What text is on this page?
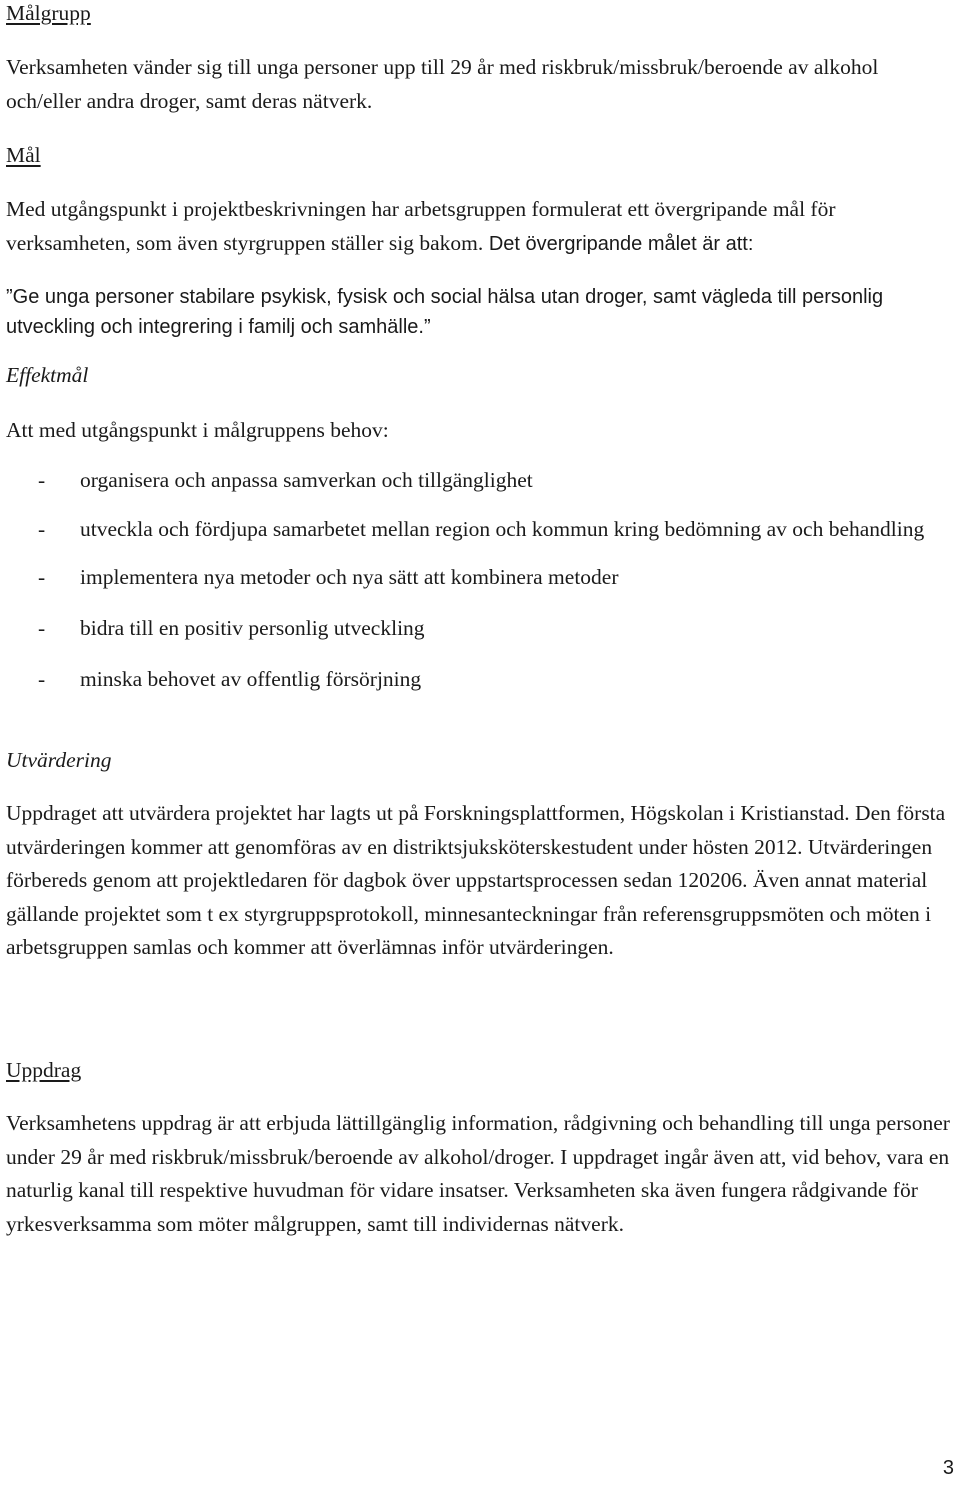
Målgrupp

Verksamheten vänder sig till unga personer upp till 29 år med riskbruk/missbruk/beroende av alkohol och/eller andra droger, samt deras nätverk.

Mål

Med utgångspunkt i projektbeskrivningen har arbetsgruppen formulerat ett övergripande mål för verksamheten, som även styrgruppen ställer sig bakom. Det övergripande målet är att:

”Ge unga personer stabilare psykisk, fysisk och social hälsa utan droger, samt vägleda till personlig utveckling och integrering i familj och samhälle.”

Effektmål

Att med utgångspunkt i målgruppens behov:

- organisera och anpassa samverkan och tillgänglighet
- utveckla och fördjupa samarbetet mellan region och kommun kring bedömning av och behandling
- implementera nya metoder och nya sätt att kombinera metoder
- bidra till en positiv personlig utveckling
- minska behovet av offentlig försörjning
Utvärdering

Uppdraget att utvärdera projektet har lagts ut på Forskningsplattformen, Högskolan i Kristianstad. Den första utvärderingen kommer att genomföras av en distriktsjuksköterskestudent under hösten 2012. Utvärderingen förbereds genom att projektledaren för dagbok över uppstartsprocessen sedan 120206. Även annat material gällande projektet som t ex styrgruppsprotokoll, minnesanteckningar från referensgruppsmöten och möten i arbetsgruppen samlas och kommer att överlämnas inför utvärderingen.

Uppdrag

Verksamhetens uppdrag är att erbjuda lättillgänglig information, rådgivning och behandling till unga personer under 29 år med riskbruk/missbruk/beroende av alkohol/droger. I uppdraget ingår även att, vid behov, vara en naturlig kanal till respektive huvudman för vidare insatser. Verksamheten ska även fungera rådgivande för yrkesverksamma som möter målgruppen, samt till individernas nätverk.

3
